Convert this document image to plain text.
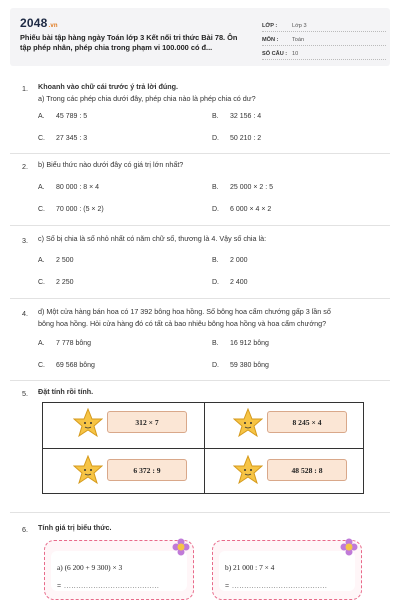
2048.vn
Phiếu bài tập hàng ngày Toán lớp 3 Kết nối tri thức Bài 78. Ôn tập phép nhân, phép chia trong phạm vi 100.000 có đ...
LỚP :	Lớp 3
MÔN :	Toán
SỐ CÂU : 10
1. Khoanh vào chữ cái trước ý trả lời đúng.
a) Trong các phép chia dưới đây, phép chia nào là phép chia có dư?
A.	45 789 : 5	B.	32 156 : 4
C.	27 345 : 3	D.	50 210 : 2
2. b) Biểu thức nào dưới đây có giá trị lớn nhất?
A.	80 000 : 8 × 4	B.	25 000 × 2 : 5
C.	70 000 : (5 × 2)	D.	6 000 × 4 × 2
3. c) Số bị chia là số nhỏ nhất có năm chữ số, thương là 4. Vậy số chia là:
A.	2 500	B.	2 000
C.	2 250	D.	2 400
4. d) Một cửa hàng bán hoa có 17 392 bông hoa hồng. Số bông hoa cẩm chướng gấp 3 lần số
bông hoa hồng. Hỏi cửa hàng đó có tất cả bao nhiêu bông hoa hồng và hoa cẩm chướng?
A.	7 778 bông	B.	16 912 bông
C.	69 568 bông	D.	59 380 bông
5. Đặt tính rồi tính.
312 × 7	8 245 × 4
6 372 : 9	48 528 : 8
6. Tính giá trị biểu thức.
a) (6 200 + 9 300) × 3
= .......................................
b) 21 000 : 7 × 4
= .......................................
